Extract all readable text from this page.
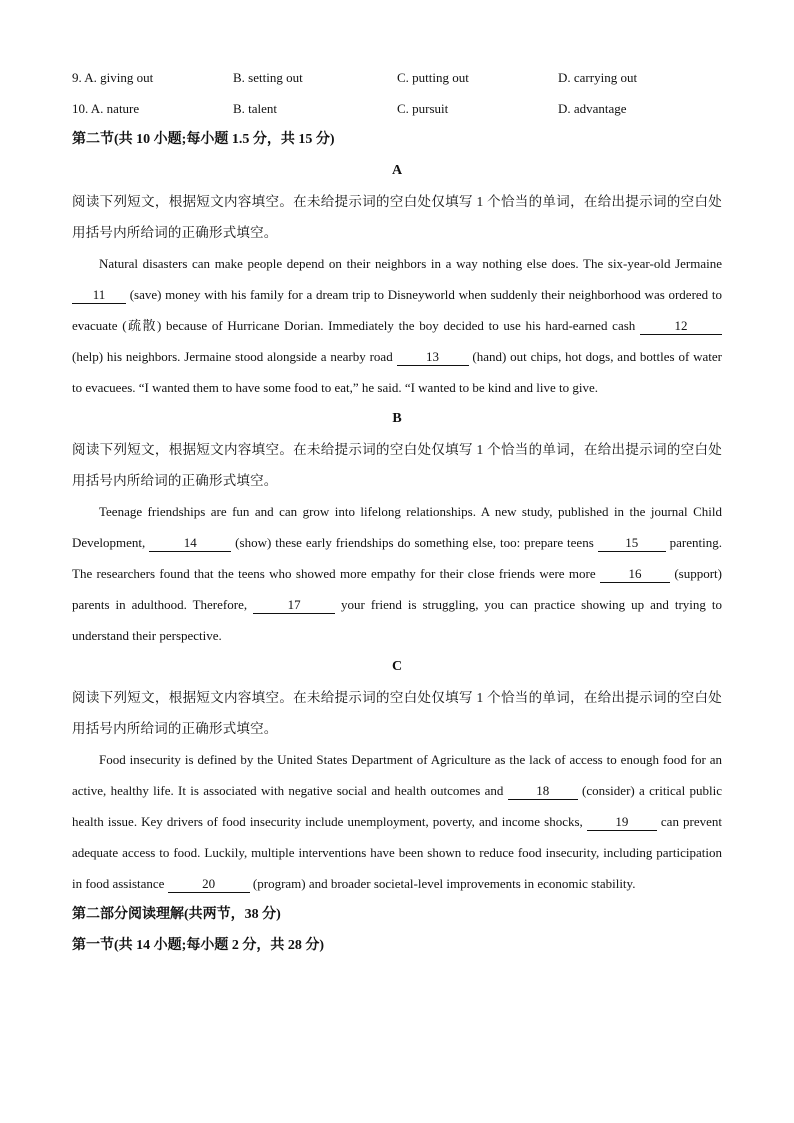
9. A. giving out	B. setting out	C. putting out	D. carrying out
10. A. nature	B. talent	C. pursuit	D. advantage
第二节(共 10 小题;每小题 1.5 分，共 15 分)
A

阅读下列短文，根据短文内容填空。在未给提示词的空白处仅填写 1 个恰当的单词，在给出提示词的空白处用括号内所给词的正确形式填空。

Natural disasters can make people depend on their neighbors in a way nothing else does. The six-year-old Jermaine 11 (save) money with his family for a dream trip to Disneyworld when suddenly their neighborhood was ordered to evacuate (疏散) because of Hurricane Dorian. Immediately the boy decided to use his hard-earned cash	12 (help) his neighbors. Jermaine stood alongside a nearby road 13 (hand) out chips, hot dogs, and bottles of water to evacuees. “I wanted them to have some food to eat,” he said. “I wanted to be kind and live to give.

B

阅读下列短文，根据短文内容填空。在未给提示词的空白处仅填写 1 个恰当的单词，在给出提示词的空白处用括号内所给词的正确形式填空。

Teenage friendships are fun and can grow into lifelong relationships. A new study, published in the journal Child Development,	14	(show) these early friendships do something else, too: prepare teens 15 parenting. The researchers found that the teens who showed more empathy for their close friends were more 16 (support) parents in adulthood. Therefore,	17	your friend is struggling, you can practice showing up and trying to understand their perspective.

C

阅读下列短文，根据短文内容填空。在未给提示词的空白处仅填写 1 个恰当的单词，在给出提示词的空白处用括号内所给词的正确形式填空。

Food insecurity is defined by the United States Department of Agriculture as the lack of access to enough food for an active, healthy life. It is associated with negative social and health outcomes and 18 (consider) a critical public health issue. Key drivers of food insecurity include unemployment, poverty, and income shocks, 19 can prevent adequate access to food. Luckily, multiple interventions have been shown to reduce food insecurity, including participation in food assistance	20	(program) and broader societal-level improvements in economic stability.

第二部分阅读理解(共两节，38 分)
第一节(共 14 小题;每小题 2 分，共 28 分)
